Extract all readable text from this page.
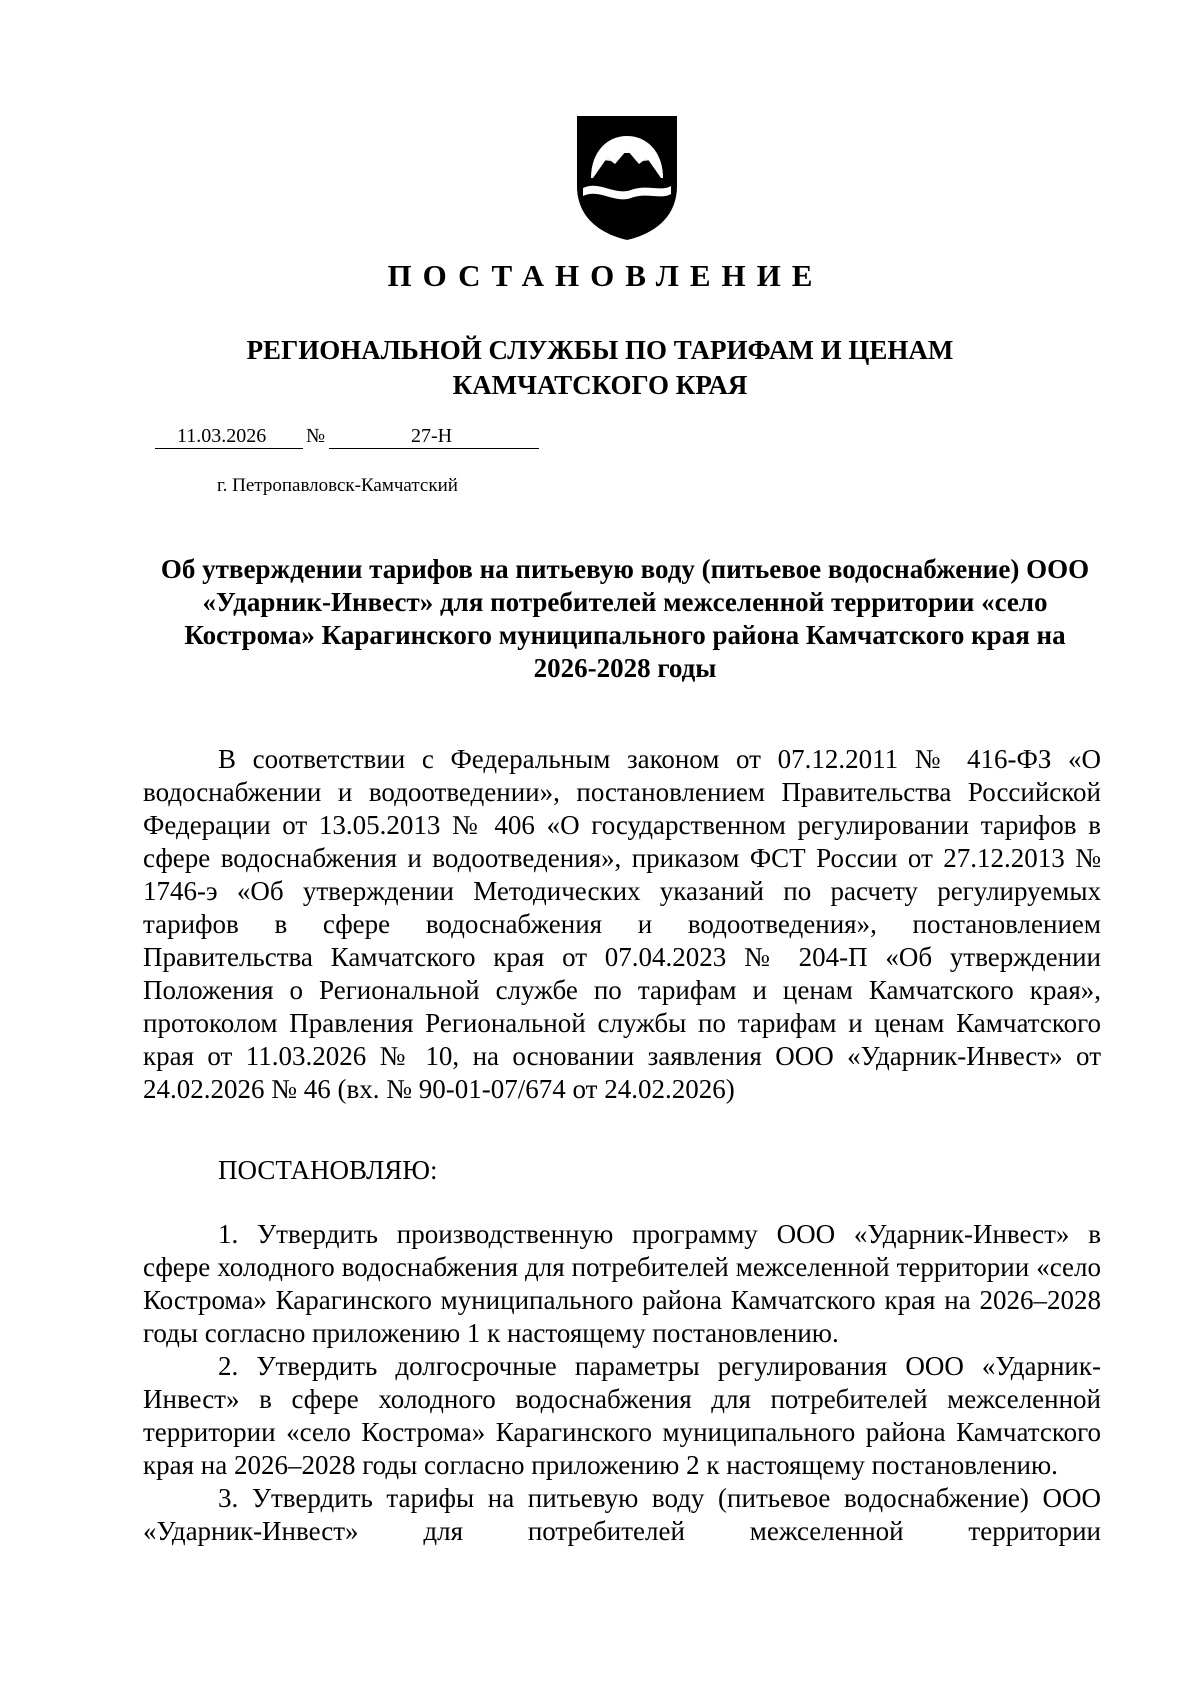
ПОСТАНОВЛЕНИЕ
РЕГИОНАЛЬНОЙ СЛУЖБЫ ПО ТАРИФАМ И ЦЕНАМ
КАМЧАТСКОГО КРАЯ
11.03.2026 №	27-Н
г. Петропавловск-Камчатский
Об утверждении тарифов на питьевую воду (питьевое водоснабжение) ООО «Ударник-Инвест» для потребителей межселенной территории «село Кострома» Карагинского муниципального района Камчатского края на 2026-2028 годы

В соответствии с Федеральным законом от 07.12.2011 № 416-ФЗ «О водоснабжении и водоотведении», постановлением Правительства Российской Федерации от 13.05.2013 № 406 «О государственном регулировании тарифов в сфере водоснабжения и водоотведения», приказом ФСТ России от 27.12.2013 № 1746-э «Об утверждении Методических указаний по расчету регулируемых тарифов в сфере водоснабжения и водоотведения», постановлением Правительства Камчатского края от 07.04.2023 № 204-П «Об утверждении Положения о Региональной службе по тарифам и ценам Камчатского края», протоколом Правления Региональной службы по тарифам и ценам Камчатского края от 11.03.2026 № 10, на основании заявления ООО «Ударник-Инвест» от 24.02.2026 № 46 (вх. № 90-01-07/674 от 24.02.2026)

ПОСТАНОВЛЯЮ:

1. Утвердить производственную программу ООО «Ударник-Инвест» в сфере холодного водоснабжения для потребителей межселенной территории «село Кострома» Карагинского муниципального района Камчатского края на 2026–2028 годы согласно приложению 1 к настоящему постановлению.

2. Утвердить долгосрочные параметры регулирования ООО «Ударник-Инвест» в сфере холодного водоснабжения для потребителей межселенной территории «село Кострома» Карагинского муниципального района Камчатского края на 2026–2028 годы согласно приложению 2 к настоящему постановлению.

3. Утвердить тарифы на питьевую воду (питьевое водоснабжение) ООО «Ударник-Инвест» для потребителей межселенной территории
